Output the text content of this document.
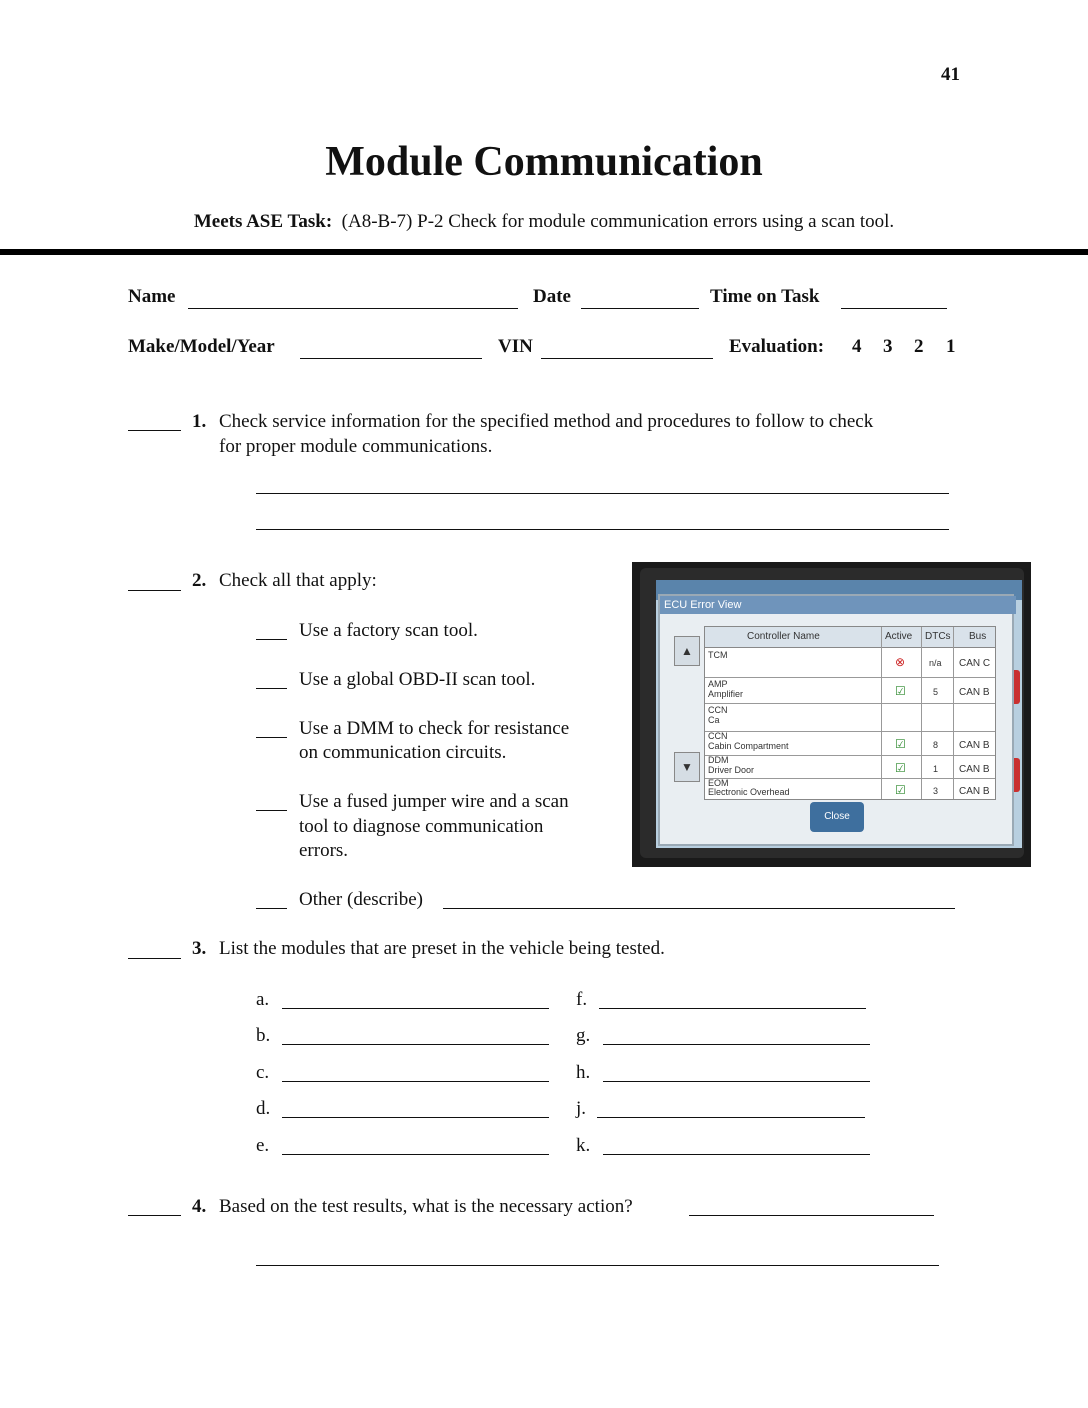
41
Module Communication
Meets ASE Task: (A8-B-7) P-2 Check for module communication errors using a scan tool.
Name	Date	Time on Task
Make/Model/Year	VIN	Evaluation: 4 3 2 1
1. Check service information for the specified method and procedures to follow to check
for proper module communications.
2. Check all that apply:
Use a factory scan tool.
Use a global OBD-II scan tool.
Use a DMM to check for resistance
on communication circuits.
Use a fused jumper wire and a scan
tool to diagnose communication
errors.
Other (describe)
ECU Error View
▲
▼
Controller Name	Active DTCs Bus
TCM	⊗	n/a CAN C
AMP
Amplifier	☑	5 CAN B
CCN
Ca
CCN
Cabin Compartment	☑	8 CAN B
DDM
Driver Door	☑	1 CAN B
EOM
Electronic Overhead	☑	3 CAN B
Close
3. List the modules that are preset in the vehicle being tested.
a.
b.
c.
d.
e.
f.
g.
h.
j.
k.
4. Based on the test results, what is the necessary action?
